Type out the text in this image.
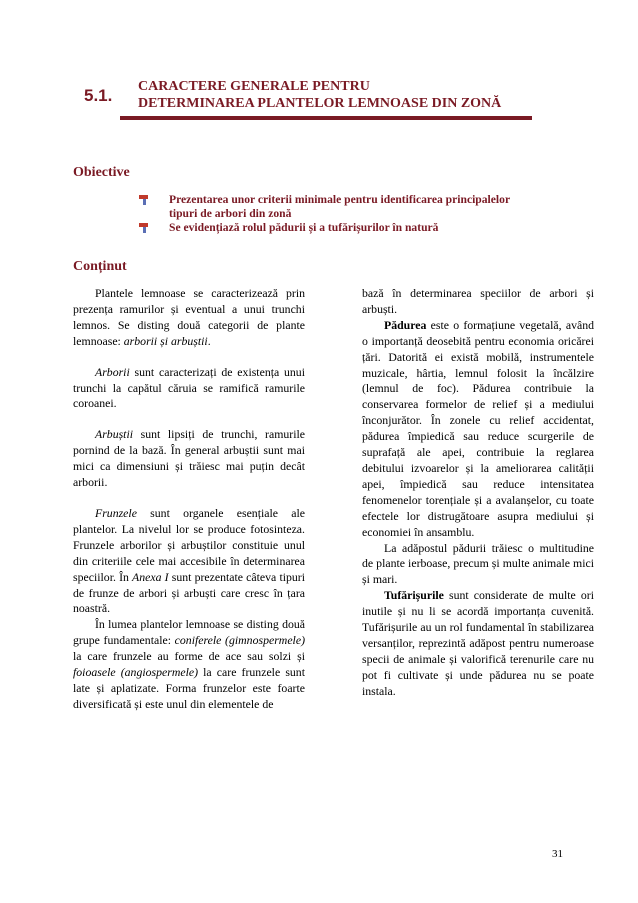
5.1. CARACTERE GENERALE PENTRU
DETERMINAREA PLANTELOR LEMNOASE DIN ZONĂ
Obiective
Prezentarea unor criterii minimale pentru identificarea principalelor
tipuri de arbori din zonă
Se evidențiază rolul pădurii și a tufărișurilor în natură
Conținut

Plantele lemnoase se caracterizează prin prezența ramurilor și eventual a unui trunchi lemnos. Se disting două categorii de plante lemnoase: arborii și arbuștii.

Arborii sunt caracterizați de existența unui trunchi la capătul căruia se ramifică ramurile coroanei.

Arbuștii sunt lipsiți de trunchi, ramurile pornind de la bază. În general arbuștii sunt mai mici ca dimensiuni și trăiesc mai puțin decât arborii.

Frunzele sunt organele esențiale ale plantelor. La nivelul lor se produce fotosinteza. Frunzele arborilor și arbuștilor constituie unul din criteriile cele mai accesibile în determinarea speciilor. În Anexa I sunt prezentate câteva tipuri de frunze de arbori și arbuști care cresc în țara noastră.

În lumea plantelor lemnoase se disting două grupe fundamentale: coniferele (gimnospermele) la care frunzele au forme de ace sau solzi și foioasele (angiospermele) la care frunzele sunt late și aplatizate. Forma frunzelor este foarte diversificată și este unul din elementele de

bază în determinarea speciilor de arbori și arbuști.

Pădurea este o formațiune vegetală, având o importanță deosebită pentru economia oricărei țări. Datorită ei există mobilă, instrumentele muzicale, hârtia, lemnul folosit la încălzire (lemnul de foc). Pădurea contribuie la conservarea formelor de relief și a mediului înconjurător. În zonele cu relief accidentat, pădurea împiedică sau reduce scurgerile de suprafață ale apei, contribuie la reglarea debitului izvoarelor și la ameliorarea calității apei, împiedică sau reduce intensitatea fenomenelor torențiale și a avalanșelor, cu toate efectele lor distrugătoare asupra mediului și economiei în ansamblu.

La adăpostul pădurii trăiesc o multitudine de plante ierboase, precum și multe animale mici și mari.

Tufărișurile sunt considerate de multe ori inutile și nu li se acordă importanța cuvenită. Tufărișurile au un rol fundamental în stabilizarea versanților, reprezintă adăpost pentru numeroase specii de animale și valorifică terenurile care nu pot fi cultivate și unde pădurea nu se poate instala.

31
